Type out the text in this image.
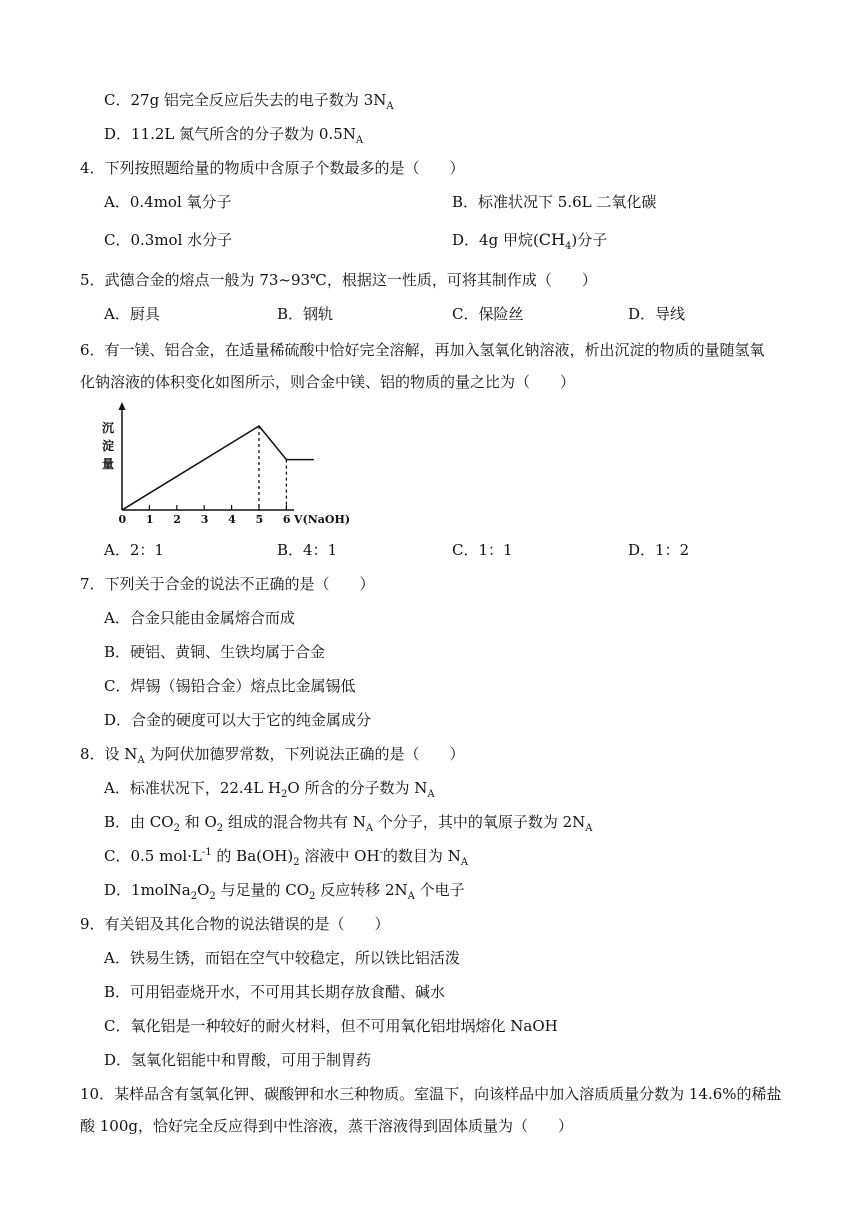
C．27g 铝完全反应后失去的电子数为 $3N_A$
D．11.2L 氮气所含的分子数为 $0.5N_A$
4．下列按照题给量的物质中含原子个数最多的是（　　）
A．0.4mol 氧分子	B．标准状况下 5.6L 二氧化碳
C．0.3mol 水分子	D．4g 甲烷$(CH_4)$分子
5．武德合金的熔点一般为 73~93℃，根据这一性质，可将其制作成（　　）
A．厨具	B．钢轨	C．保险丝	D．导线
6．有一镁、铝合金，在适量稀硫酸中恰好完全溶解，再加入氢氧化钠溶液，析出沉淀的物质的量随氢氧
化钠溶液的体积变化如图所示，则合金中镁、铝的物质的量之比为（　　）
沉
淀
量
0 1 2 3 4 5 6 V(NaOH)
A．2：1	B．4：1	C．1：1	D．1：2
7．下列关于合金的说法不正确的是（　　）
A．合金只能由金属熔合而成
B．硬铝、黄铜、生铁均属于合金
C．焊锡（锡铅合金）熔点比金属锡低
D．合金的硬度可以大于它的纯金属成分
8．设 $N_A$ 为阿伏加德罗常数，下列说法正确的是（　　）
A．标准状况下，22.4L $H_2O$ 所含的分子数为 $N_A$
B．由 $CO_2$ 和 $O_2$ 组成的混合物共有 $N_A$ 个分子，其中的氧原子数为 $2N_A$
C．0.5 $mol\cdot L^{-1}$ 的 $Ba(OH)_2$ 溶液中 OH-的数目为 $N_A$
D．$1molNa_2O_2$ 与足量的 $CO_2$ 反应转移 $2N_A$ 个电子
9．有关铝及其化合物的说法错误的是（　　）
A．铁易生锈，而铝在空气中较稳定，所以铁比铝活泼
B．可用铝壶烧开水，不可用其长期存放食醋、碱水
C．氧化铝是一种较好的耐火材料，但不可用氧化铝坩埚熔化 NaOH
D．氢氧化铝能中和胃酸，可用于制胃药
10．某样品含有氢氧化钾、碳酸钾和水三种物质。室温下，向该样品中加入溶质质量分数为 14.6%的稀盐
酸 100g，恰好完全反应得到中性溶液，蒸干溶液得到固体质量为（　　）
